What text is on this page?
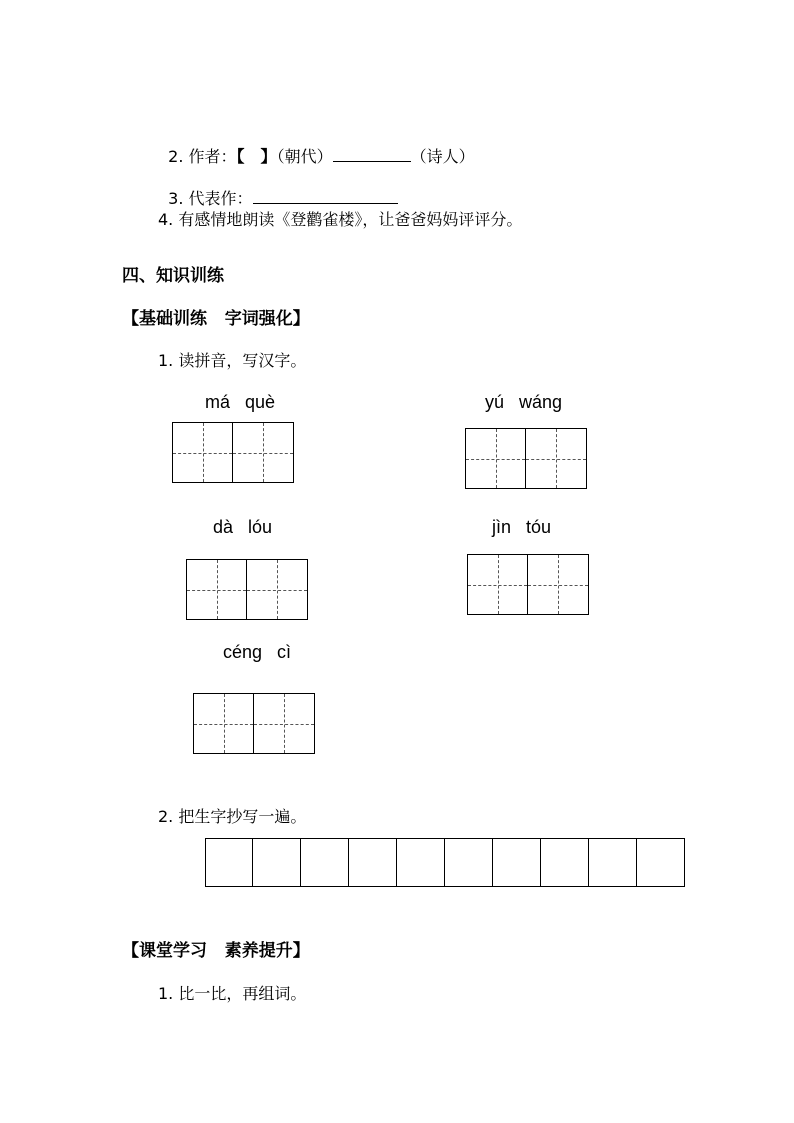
2. 作者：【 】（朝代）	（诗人）

3. 代表作：

4. 有感情地朗读《登鹳雀楼》，让爸爸妈妈评评分。
四、知识训练
【基础训练   字词强化】
1. 读拼音，写汉字。
má   què	yú   wáng
dà   lóu	jìn   tóu
céng   cì
2. 把生字抄写一遍。
【课堂学习   素养提升】
1. 比一比，再组词。
